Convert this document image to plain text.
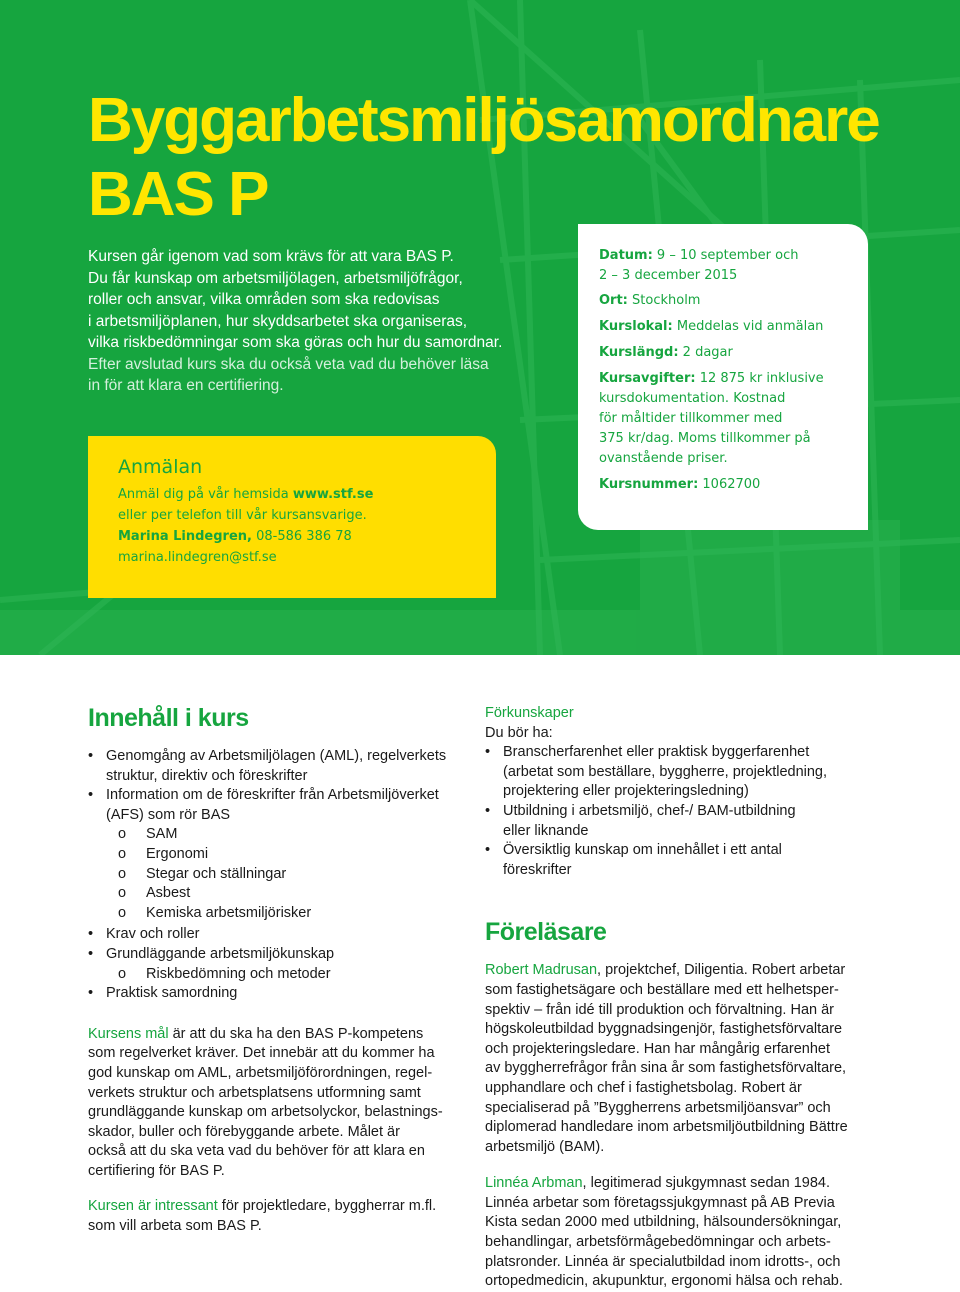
Byggarbetsmiljösamordnare
BAS P

Kursen går igenom vad som krävs för att vara BAS P.

Du får kunskap om arbetsmiljölagen, arbetsmiljöfrågor,

roller och ansvar, vilka områden som ska redovisas

i arbetsmiljöplanen, hur skyddsarbetet ska organiseras,

vilka riskbedömningar som ska göras och hur du samordnar.

Efter avslutad kurs ska du också veta vad du behöver läsa

in för att klara en certifiering.

Anmälan

Anmäl dig på vår hemsida www.stf.se

eller per telefon till vår kursansvarige.

Marina Lindegren, 08-586 386 78

marina.lindegren@stf.se

Datum: 9 – 10 september och
2 – 3 december 2015
Ort: Stockholm
Kurslokal: Meddelas vid anmälan
Kurslängd: 2 dagar
Kursavgifter: 12 875 kr inklusive
kursdokumentation. Kostnad
för måltider tillkommer med
375 kr/dag. Moms tillkommer på
ovanstående priser.
Kursnummer: 1062700
Innehåll i kurs
• Genomgång av Arbetsmiljölagen (AML), regelverkets
struktur, direktiv och föreskrifter
• Information om de föreskrifter från Arbetsmiljöverket
(AFS) som rör BAS
o SAM
o Ergonomi
o Stegar och ställningar
o Asbest
o Kemiska arbetsmiljörisker
• Krav och roller
• Grundläggande arbetsmiljökunskap
o Riskbedömning och metoder
• Praktisk samordning
Kursens mål är att du ska ha den BAS P-kompetens
som regelverket kräver. Det innebär att du kommer ha
god kunskap om AML, arbetsmiljöförordningen, regel-
verkets struktur och arbetsplatsens utformning samt
grundläggande kunskap om arbetsolyckor, belastnings-
skador, buller och förebyggande arbete. Målet är
också att du ska veta vad du behöver för att klara en
certifiering för BAS P.
Kursen är intressant för projektledare, byggherrar m.fl.
som vill arbeta som BAS P.

Förkunskaper

Du bör ha:

• Branscherfarenhet eller praktisk byggerfarenhet
(arbetat som beställare, byggherre, projektledning,
projektering eller projekteringsledning)
• Utbildning i arbetsmiljö, chef-/ BAM-utbildning
eller liknande
• Översiktlig kunskap om innehållet i ett antal
föreskrifter
Föreläsare
Robert Madrusan, projektchef, Diligentia. Robert arbetar
som fastighetsägare och beställare med ett helhetsper-
spektiv – från idé till produktion och förvaltning. Han är
högskoleutbildad byggnadsingenjör, fastighetsförvaltare
och projekteringsledare. Han har mångårig erfarenhet
av byggherrefrågor från sina år som fastighetsförvaltare,
upphandlare och chef i fastighetsbolag. Robert är
specialiserad på ”Byggherrens arbetsmiljöansvar” och
diplomerad handledare inom arbetsmiljöutbildning Bättre
arbetsmiljö (BAM).
Linnéa Arbman, legitimerad sjukgymnast sedan 1984.
Linnéa arbetar som företagssjukgymnast på AB Previa
Kista sedan 2000 med utbildning, hälsoundersökningar,
behandlingar, arbetsförmågebedömningar och arbets-
platsronder. Linnéa är specialutbildad inom idrotts-, och
ortopedmedicin, akupunktur, ergonomi hälsa och rehab.
